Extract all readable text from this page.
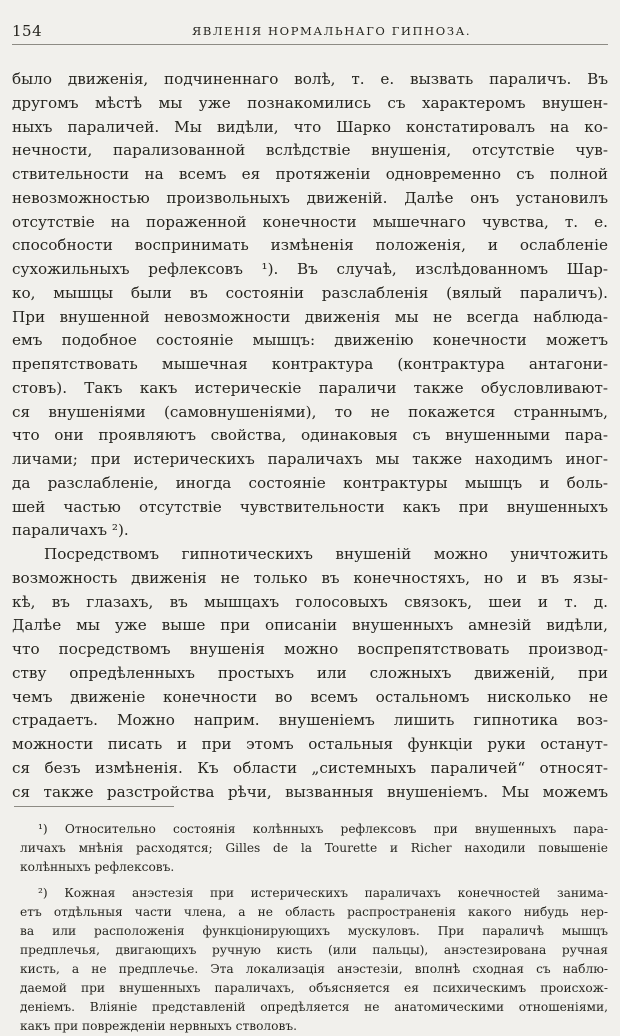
154	ЯВЛЕНІЯ НОРМАЛЬНАГО ГИПНОЗА.
было движенія, подчиненнаго волѣ, т. е. вызвать параличъ. Въ
другомъ мѣстѣ мы уже познакомились съ характеромъ внушен-
ныхъ параличей. Мы видѣли, что Шарко констатировалъ на ко-
нечности, парализованной вслѣдствіе внушенія, отсутствіе чув-
ствительности на всемъ ея протяженіи одновременно съ полной
невозможностью произвольныхъ движеній. Далѣе онъ установилъ
отсутствіе на пораженной конечности мышечнаго чувства, т. е.
способности воспринимать измѣненія положенія, и ослабленіе
сухожильныхъ рефлексовъ ¹). Въ случаѣ, изслѣдованномъ Шар-
ко, мышцы были въ состояніи разслабленія (вялый параличъ).
При внушенной невозможности движенія мы не всегда наблюда-
емъ подобное состояніе мышцъ: движенію конечности можетъ
препятствовать мышечная контрактура (контрактура антагони-
стовъ). Такъ какъ истерическіе параличи также обусловливают-
ся внушеніями (самовнушеніями), то не покажется страннымъ,
что они проявляютъ свойства, одинаковыя съ внушенными пара-
личами; при истерическихъ параличахъ мы также находимъ иног-
да разслабленіе, иногда состояніе контрактуры мышцъ и боль-
шей частью отсутствіе чувствительности какъ при внушенныхъ
параличахъ ²).
Посредствомъ гипнотическихъ внушеній можно уничтожить
возможность движенія не только въ конечностяхъ, но и въ язы-
кѣ, въ глазахъ, въ мышцахъ голосовыхъ связокъ, шеи и т. д.
Далѣе мы уже выше при описаніи внушенныхъ амнезій видѣли,
что посредствомъ внушенія можно воспрепятствовать производ-
ству опредѣленныхъ простыхъ или сложныхъ движеній, при
чемъ движеніе конечности во всемъ остальномъ нисколько не
страдаетъ. Можно наприм. внушеніемъ лишить гипнотика воз-
можности писать и при этомъ остальныя функціи руки останут-
ся безъ измѣненія. Къ области „системныхъ параличей“ относят-
ся также разстройства рѣчи, вызванныя внушеніемъ. Мы можемъ
¹) Относительно состоянія колѣнныхъ рефлексовъ при внушенныхъ пара-
личахъ мнѣнія расходятся; Gilles de la Tourette и Richer находили повышеніе
колѣнныхъ рефлексовъ.
²) Кожная анэстезія при истерическихъ параличахъ конечностей занима-
етъ отдѣльныя части члена, а не область распространенія какого нибудь нер-
ва или расположенія функціонирующихъ мускуловъ. При параличѣ мышцъ
предплечья, двигающихъ ручную кисть (или пальцы), анэстезирована ручная
кисть, а не предплечье. Эта локализація анэстезіи, вполнѣ сходная съ наблю-
даемой при внушенныхъ параличахъ, объясняется ея психическимъ происхож-
деніемъ. Вліяніе представленій опредѣляется не анатомическими отношеніями,
какъ при поврежденіи нервныхъ стволовъ.
